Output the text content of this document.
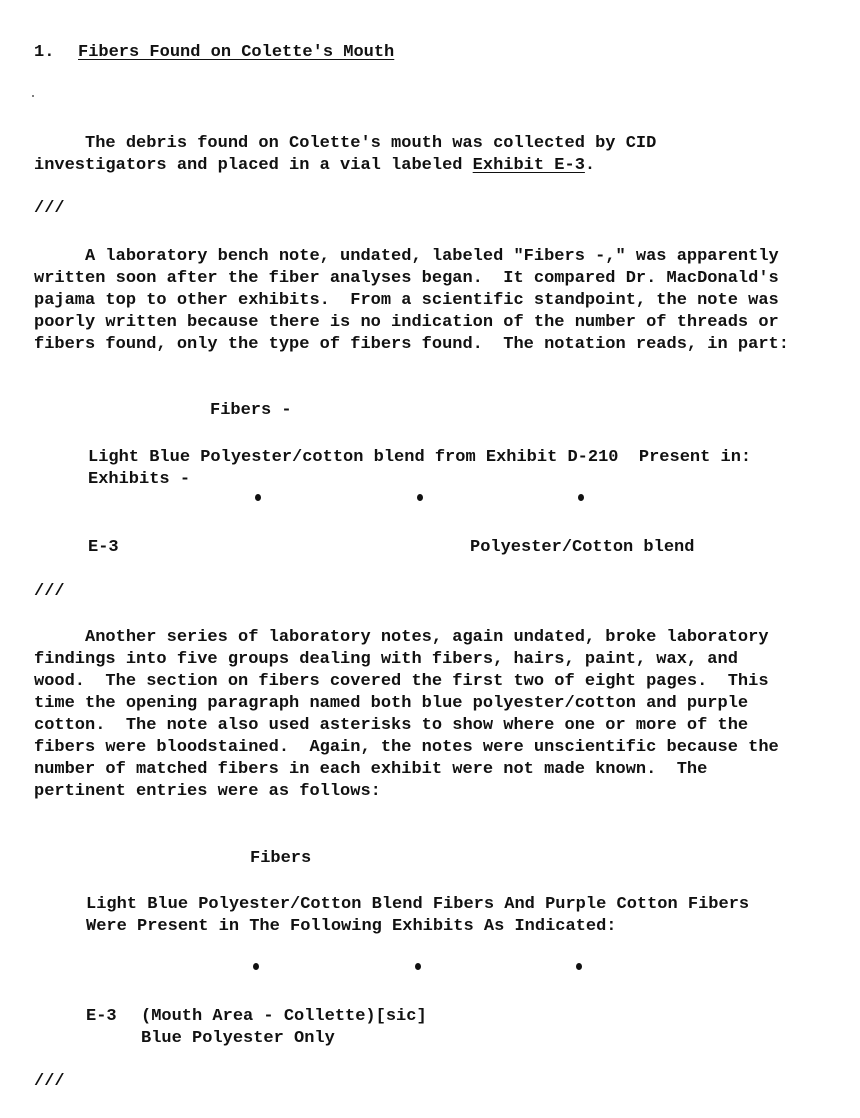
1. Fibers Found on Colette's Mouth
The debris found on Colette's mouth was collected by CID
investigators and placed in a vial labeled Exhibit E-3.
///
A laboratory bench note, undated, labeled "Fibers -," was apparently
written soon after the fiber analyses began.  It compared Dr. MacDonald's
pajama top to other exhibits.  From a scientific standpoint, the note was
poorly written because there is no indication of the number of threads or
fibers found, only the type of fibers found.  The notation reads, in part:
Fibers -
Light Blue Polyester/cotton blend from Exhibit D-210  Present in:
Exhibits -
E-3	Polyester/Cotton blend
///
Another series of laboratory notes, again undated, broke laboratory
findings into five groups dealing with fibers, hairs, paint, wax, and
wood.  The section on fibers covered the first two of eight pages.  This
time the opening paragraph named both blue polyester/cotton and purple
cotton.  The note also used asterisks to show where one or more of the
fibers were bloodstained.  Again, the notes were unscientific because the
number of matched fibers in each exhibit were not made known.  The
pertinent entries were as follows:
Fibers
Light Blue Polyester/Cotton Blend Fibers And Purple Cotton Fibers
Were Present in The Following Exhibits As Indicated:
E-3 (Mouth Area - Collette)[sic]
Blue Polyester Only
///
